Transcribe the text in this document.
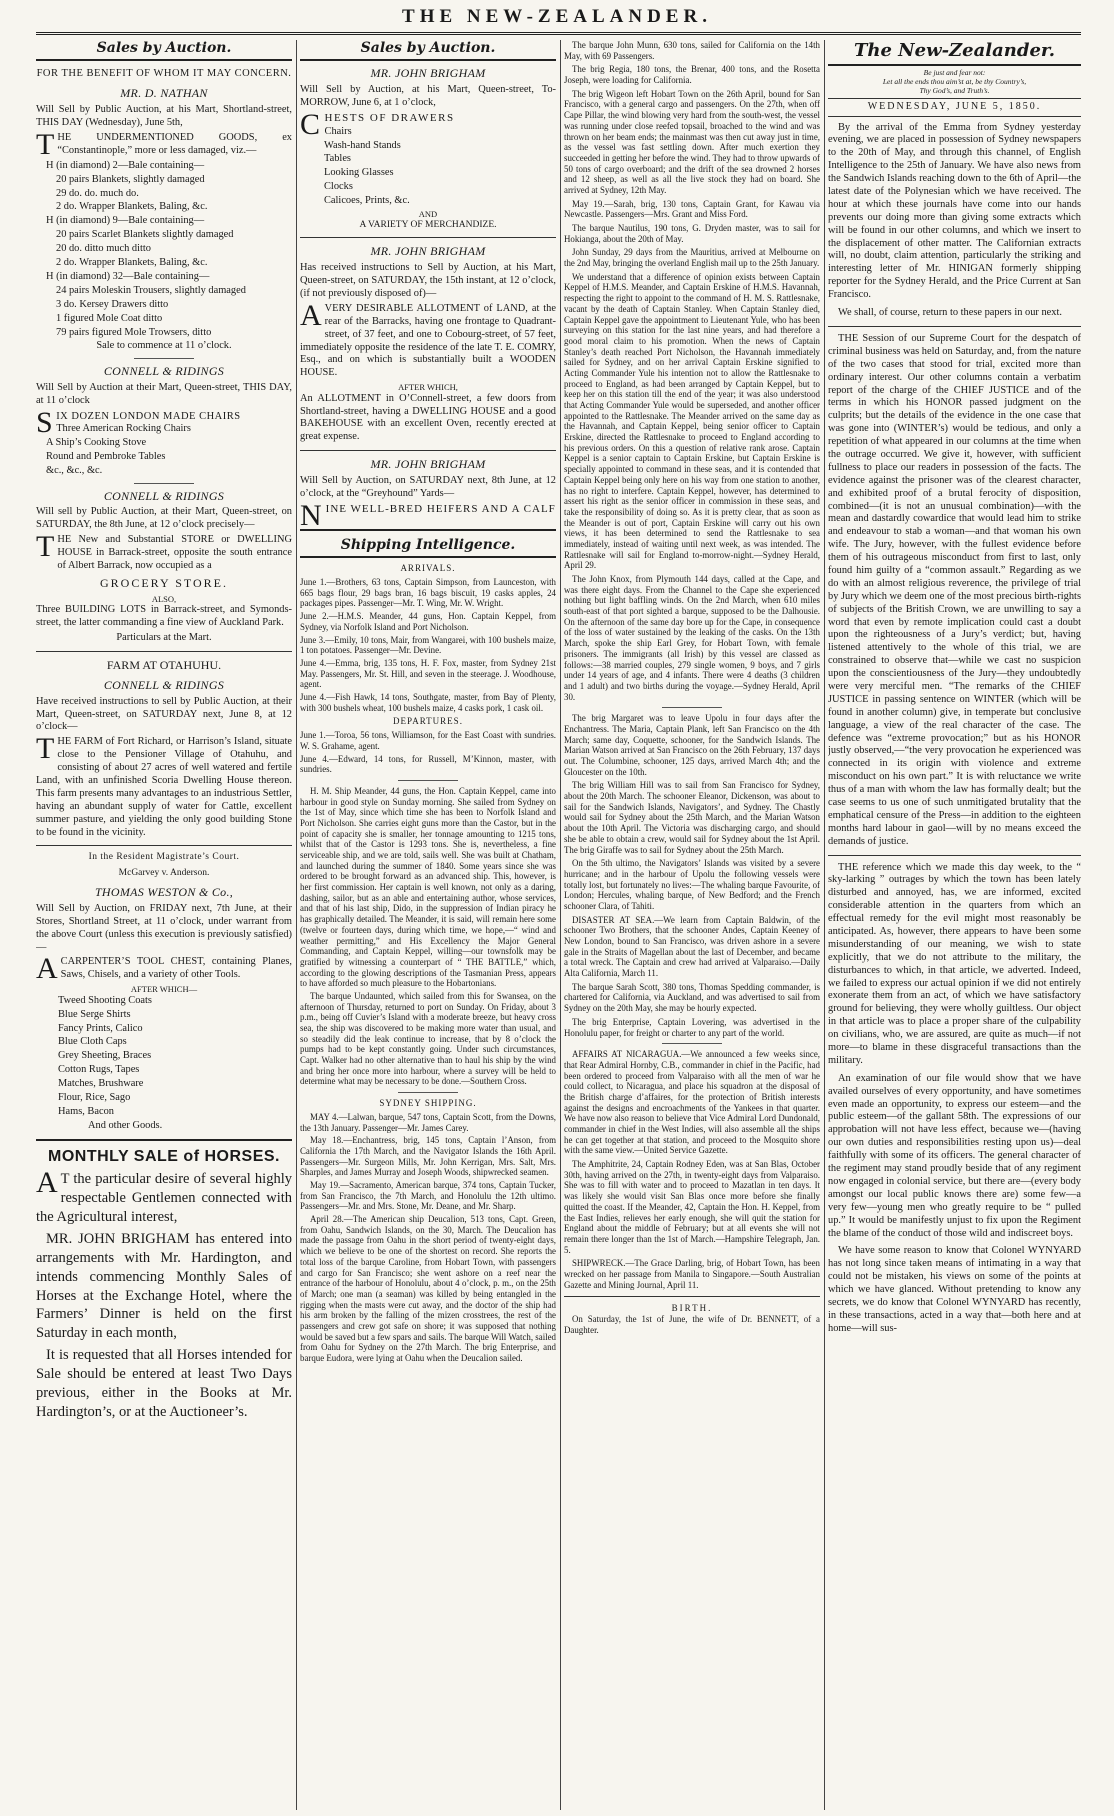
THE NEW-ZEALANDER.
Sales by Auction.
FOR THE BENEFIT OF WHOM IT MAY CONCERN.
MR. D. NATHAN

Will Sell by Public Auction, at his Mart, Shortland-street, THIS DAY (Wednesday), June 5th,

THE UNDERMENTIONED GOODS, ex “Constantinople,” more or less damaged, viz.—

H (in diamond) 2—Bale containing—
20 pairs Blankets, slightly damaged
29 do. do. much do.
2 do. Wrapper Blankets, Baling, &c.
H (in diamond) 9—Bale containing—
20 pairs Scarlet Blankets slightly damaged
20 do. ditto much ditto
2 do. Wrapper Blankets, Baling, &c.
H (in diamond) 32—Bale containing—
24 pairs Moleskin Trousers, slightly damaged
3 do. Kersey Drawers ditto
1 figured Mole Coat ditto
79 pairs figured Mole Trowsers, ditto
Sale to commence at 11 o’clock.
CONNELL & RIDINGS

Will Sell by Auction at their Mart, Queen-street, THIS DAY, at 11 o’clock

SIX DOZEN LONDON MADE CHAIRS
Three American Rocking Chairs
A Ship’s Cooking Stove
Round and Pembroke Tables
&c., &c., &c.
CONNELL & RIDINGS

Will sell by Public Auction, at their Mart, Queen-street, on SATURDAY, the 8th June, at 12 o’clock precisely—

THE New and Substantial STORE or DWELLING HOUSE in Barrack-street, opposite the south entrance of Albert Barrack, now occupied as a

GROCERY STORE.
ALSO,

Three BUILDING LOTS in Barrack-street, and Symonds-street, the latter commanding a fine view of Auckland Park.

Particulars at the Mart.
FARM AT OTAHUHU.
CONNELL & RIDINGS

Have received instructions to sell by Public Auction, at their Mart, Queen-street, on SATURDAY next, June 8, at 12 o’clock—

THE FARM of Fort Richard, or Harrison’s Island, situate close to the Pensioner Village of Otahuhu, and consisting of about 27 acres of well watered and fertile Land, with an unfinished Scoria Dwelling House thereon. This farm presents many advantages to an industrious Settler, having an abundant supply of water for Cattle, excellent summer pasture, and yielding the only good building Stone to be found in the vicinity.

In the Resident Magistrate’s Court.
McGarvey v. Anderson.
THOMAS WESTON & Co.,

Will Sell by Auction, on FRIDAY next, 7th June, at their Stores, Shortland Street, at 11 o’clock, under warrant from the above Court (unless this execution is previously satisfied)—

ACARPENTER’S TOOL CHEST, containing Planes, Saws, Chisels, and a variety of other Tools.

AFTER WHICH—
Tweed Shooting Coats
Blue Serge Shirts
Fancy Prints, Calico
Blue Cloth Caps
Grey Sheeting, Braces
Cotton Rugs, Tapes
Matches, Brushware
Flour, Rice, Sago
Hams, Bacon
And other Goods.
MONTHLY SALE of HORSES.

AT the particular desire of several highly respectable Gentlemen connected with the Agricultural interest,

MR. JOHN BRIGHAM has entered into arrangements with Mr. Hardington, and intends commencing Monthly Sales of Horses at the Exchange Hotel, where the Farmers’ Dinner is held on the first Saturday in each month,

It is requested that all Horses intended for Sale should be entered at least Two Days previous, either in the Books at Mr. Hardington’s, or at the Auctioneer’s.

Sales by Auction.
MR. JOHN BRIGHAM

Will Sell by Auction, at his Mart, Queen-street, To-MORROW, June 6, at 1 o’clock,

CHESTS OF DRAWERS
Chairs
Wash-hand Stands
Tables
Looking Glasses
Clocks
Calicoes, Prints, &c.
AND
A VARIETY OF MERCHANDIZE.
MR. JOHN BRIGHAM

Has received instructions to Sell by Auction, at his Mart, Queen-street, on SATURDAY, the 15th instant, at 12 o’clock, (if not previously disposed of)—

AVERY DESIRABLE ALLOTMENT of LAND, at the rear of the Barracks, having one frontage to Quadrant-street, of 37 feet, and one to Cobourg-street, of 57 feet, immediately opposite the residence of the late T. E. COMRY, Esq., and on which is substantially built a WOODEN HOUSE.

AFTER WHICH,

An ALLOTMENT in O’Connell-street, a few doors from Shortland-street, having a DWELLING HOUSE and a good BAKEHOUSE with an excellent Oven, recently erected at great expense.

MR. JOHN BRIGHAM

Will Sell by Auction, on SATURDAY next, 8th June, at 12 o’clock, at the “Greyhound” Yards—

NINE WELL-BRED HEIFERS AND A CALF
Shipping Intelligence.
ARRIVALS.

June 1.—Brothers, 63 tons, Captain Simpson, from Launceston, with 665 bags flour, 29 bags bran, 16 bags biscuit, 19 casks apples, 24 packages pipes. Passenger—Mr. T. Wing, Mr. W. Wright.

June 2.—H.M.S. Meander, 44 guns, Hon. Captain Keppel, from Sydney, via Norfolk Island and Port Nicholson.

June 3.—Emily, 10 tons, Mair, from Wangarei, with 100 bushels maize, 1 ton potatoes. Passenger—Mr. Devine.

June 4.—Emma, brig, 135 tons, H. F. Fox, master, from Sydney 21st May. Passengers, Mr. St. Hill, and seven in the steerage. J. Woodhouse, agent.

June 4.—Fish Hawk, 14 tons, Southgate, master, from Bay of Plenty, with 300 bushels wheat, 100 bushels maize, 4 casks pork, 1 cask oil.

DEPARTURES.

June 1.—Toroa, 56 tons, Williamson, for the East Coast with sundries. W. S. Grahame, agent.

June 4.—Edward, 14 tons, for Russell, M’Kinnon, master, with sundries.

H. M. Ship Meander, 44 guns, the Hon. Captain Keppel, came into harbour in good style on Sunday morning. She sailed from Sydney on the 1st of May, since which time she has been to Norfolk Island and Port Nicholson. She carries eight guns more than the Castor, but in the point of capacity she is smaller, her tonnage amounting to 1215 tons, whilst that of the Castor is 1293 tons. She is, nevertheless, a fine serviceable ship, and we are told, sails well. She was built at Chatham, and launched during the summer of 1840. Some years since she was ordered to be brought forward as an advanced ship. This, however, is her first commission. Her captain is well known, not only as a daring, dashing, sailor, but as an able and entertaining author, whose services, and that of his last ship, Dido, in the suppression of Indian piracy he has graphically detailed. The Meander, it is said, will remain here some (twelve or fourteen days, during which time, we hope,—“ wind and weather permitting,” and His Excellency the Major General Commanding, and Captain Keppel, willing—our townsfolk may be gratified by witnessing a counterpart of “ THE BATTLE,” which, according to the glowing descriptions of the Tasmanian Press, appears to have afforded so much pleasure to the Hobartonians.

The barque Undaunted, which sailed from this for Swansea, on the afternoon of Thursday, returned to port on Sunday. On Friday, about 3 p.m., being off Cuvier’s Island with a moderate breeze, but heavy cross sea, the ship was discovered to be making more water than usual, and so steadily did the leak continue to increase, that by 8 o’clock the pumps had to be kept constantly going. Under such circumstances, Capt. Walker had no other alternative than to haul his ship by the wind and bring her once more into harbour, where a survey will be held to determine what may be necessary to be done.—Southern Cross.

SYDNEY SHIPPING.

MAY 4.—Lalwan, barque, 547 tons, Captain Scott, from the Downs, the 13th January. Passenger—Mr. James Carey.

May 18.—Enchantress, brig, 145 tons, Captain l’Anson, from California the 17th March, and the Navigator Islands the 16th April. Passengers—Mr. Surgeon Mills, Mr. John Kerrigan, Mrs. Salt, Mrs. Sharples, and James Murray and Joseph Woods, shipwrecked seamen.

May 19.—Sacramento, American barque, 374 tons, Captain Tucker, from San Francisco, the 7th March, and Honolulu the 12th ultimo. Passengers—Mr. and Mrs. Stone, Mr. Deane, and Mr. Sharp.

April 28.—The American ship Deucalion, 513 tons, Capt. Green, from Oahu, Sandwich Islands, on the 30, March. The Deucalion has made the passage from Oahu in the short period of twenty-eight days, which we believe to be one of the shortest on record. She reports the total loss of the barque Caroline, from Hobart Town, with passengers and cargo for San Francisco; she went ashore on a reef near the entrance of the harbour of Honolulu, about 4 o’clock, p. m., on the 25th of March; one man (a seaman) was killed by being entangled in the rigging when the masts were cut away, and the doctor of the ship had his arm broken by the falling of the mizen crosstrees, the rest of the passengers and crew got safe on shore; it was supposed that nothing would be saved but a few spars and sails. The barque Will Watch, sailed from Oahu for Sydney on the 27th March. The brig Enterprise, and barque Eudora, were lying at Oahu when the Deucalion sailed.

The barque John Munn, 630 tons, sailed for California on the 14th May, with 69 Passengers.

The brig Regia, 180 tons, the Brenar, 400 tons, and the Rosetta Joseph, were loading for California.

The brig Wigeon left Hobart Town on the 26th April, bound for San Francisco, with a general cargo and passengers. On the 27th, when off Cape Pillar, the wind blowing very hard from the south-west, the vessel was running under close reefed topsail, broached to the wind and was thrown on her beam ends; the mainmast was then cut away just in time, as the vessel was fast settling down. After much exertion they succeeded in getting her before the wind. They had to throw upwards of 50 tons of cargo overboard; and the drift of the sea drowned 2 horses and 12 sheep, as well as all the live stock they had on board. She arrived at Sydney, 12th May.

May 19.—Sarah, brig, 130 tons, Captain Grant, for Kawau via Newcastle. Passengers—Mrs. Grant and Miss Ford.

The barque Nautilus, 190 tons, G. Dryden master, was to sail for Hokianga, about the 20th of May.

John Sunday, 29 days from the Mauritius, arrived at Melbourne on the 2nd May, bringing the overland English mail up to the 25th January.

We understand that a difference of opinion exists between Captain Keppel of H.M.S. Meander, and Captain Erskine of H.M.S. Havannah, respecting the right to appoint to the command of H. M. S. Rattlesnake, vacant by the death of Captain Stanley. When Captain Stanley died, Captain Keppel gave the appointment to Lieutenant Yule, who has been surveying on this station for the last nine years, and had therefore a good moral claim to his promotion. When the news of Captain Stanley’s death reached Port Nicholson, the Havannah immediately sailed for Sydney, and on her arrival Captain Erskine signified to Acting Commander Yule his intention not to allow the Rattlesnake to proceed to England, as had been arranged by Captain Keppel, but to keep her on this station till the end of the year; it was also understood that Acting Commander Yule would be superseded, and another officer appointed to the Rattlesnake. The Meander arrived on the same day as the Havannah, and Captain Keppel, being senior officer to Captain Erskine, directed the Rattlesnake to proceed to England according to his previous orders. On this a question of relative rank arose. Captain Keppel is a senior captain to Captain Erskine, but Captain Erskine is specially appointed to command in these seas, and it is contended that Captain Keppel being only here on his way from one station to another, has no right to interfere. Captain Keppel, however, has determined to assert his right as the senior officer in commission in these seas, and take the responsibility of doing so. As it is pretty clear, that as soon as the Meander is out of port, Captain Erskine will carry out his own views, it has been determined to send the Rattlesnake to sea immediately, instead of waiting until next week, as was intended. The Rattlesnake will sail for England to-morrow-night.—Sydney Herald, April 29.

The John Knox, from Plymouth 144 days, called at the Cape, and was there eight days. From the Channel to the Cape she experienced nothing but light baffling winds. On the 2nd March, when 610 miles south-east of that port sighted a barque, supposed to be the Dalhousie. On the afternoon of the same day bore up for the Cape, in consequence of the loss of water sustained by the leaking of the casks. On the 13th March, spoke the ship Earl Grey, for Hobart Town, with female prisoners. The immigrants (all Irish) by this vessel are classed as follows:—38 married couples, 279 single women, 9 boys, and 7 girls under 14 years of age, and 4 infants. There were 4 deaths (3 children and 1 adult) and two births during the voyage.—Sydney Herald, April 30.

The brig Margaret was to leave Upolu in four days after the Enchantress. The Maria, Captain Plank, left San Francisco on the 4th March; same day, Coquette, schooner, for the Sandwich Islands. The Marian Watson arrived at San Francisco on the 26th February, 137 days out. The Columbine, schooner, 125 days, arrived March 4th; and the Gloucester on the 10th.

The brig William Hill was to sail from San Francisco for Sydney, about the 20th March. The schooner Eleanor, Dickenson, was about to sail for the Sandwich Islands, Navigators’, and Sydney. The Chastly would sail for Sydney about the 25th March, and the Marian Watson about the 10th April. The Victoria was discharging cargo, and should she be able to obtain a crew, would sail for Sydney about the 1st April. The brig Giraffe was to sail for Sydney about the 25th March.

On the 5th ultimo, the Navigators’ Islands was visited by a severe hurricane; and in the harbour of Upolu the following vessels were totally lost, but fortunately no lives:—The whaling barque Favourite, of London; Hercules, whaling barque, of New Bedford; and the French schooner Clara, of Tahiti.

DISASTER AT SEA.—We learn from Captain Baldwin, of the schooner Two Brothers, that the schooner Andes, Captain Keeney of New London, bound to San Francisco, was driven ashore in a severe gale in the Straits of Magellan about the last of December, and became a total wreck. The Captain and crew had arrived at Valparaiso.—Daily Alta California, March 11.

The barque Sarah Scott, 380 tons, Thomas Spedding commander, is chartered for California, via Auckland, and was advertised to sail from Sydney on the 20th May, she may be hourly expected.

The brig Enterprise, Captain Lovering, was advertised in the Honolulu paper, for freight or charter to any part of the world.

AFFAIRS AT NICARAGUA.—We announced a few weeks since, that Rear Admiral Hornby, C.B., commander in chief in the Pacific, had been ordered to proceed from Valparaiso with all the men of war he could collect, to Nicaragua, and place his squadron at the disposal of the British charge d’affaires, for the protection of British interests against the designs and encroachments of the Yankees in that quarter. We have now also reason to believe that Vice Admiral Lord Dundonald, commander in chief in the West Indies, will also assemble all the ships he can get together at that station, and proceed to the Mosquito shore with the same view.—United Service Gazette.

The Amphitrite, 24, Captain Rodney Eden, was at San Blas, October 30th, having arrived on the 27th, in twenty-eight days from Valparaiso. She was to fill with water and to proceed to Mazatlan in ten days. It was likely she would visit San Blas once more before she finally quitted the coast. If the Meander, 42, Captain the Hon. H. Keppel, from the East Indies, relieves her early enough, she will quit the station for England about the middle of February; but at all events she will not remain there longer than the 1st of March.—Hampshire Telegraph, Jan. 5.

SHIPWRECK.—The Grace Darling, brig, of Hobart Town, has been wrecked on her passage from Manila to Singapore.—South Australian Gazette and Mining Journal, April 11.

BIRTH.

On Saturday, the 1st of June, the wife of Dr. BENNETT, of a Daughter.

The New-Zealander.
Be just and fear not:
Let all the ends thou aim’st at, be thy Country’s,
Thy God’s, and Truth’s.
WEDNESDAY, JUNE 5, 1850.

By the arrival of the Emma from Sydney yesterday evening, we are placed in possession of Sydney newspapers to the 20th of May, and through this channel, of English Intelligence to the 25th of January. We have also news from the Sandwich Islands reaching down to the 6th of April—the latest date of the Polynesian which we have received. The hour at which these journals have come into our hands prevents our doing more than giving some extracts which will be found in our other columns, and which we insert to the displacement of other matter. The Californian extracts will, no doubt, claim attention, particularly the striking and interesting letter of Mr. HINIGAN formerly shipping reporter for the Sydney Herald, and the Price Current at San Francisco.

We shall, of course, return to these papers in our next.

THE Session of our Supreme Court for the despatch of criminal business was held on Saturday, and, from the nature of the two cases that stood for trial, excited more than ordinary interest. Our other columns contain a verbatim report of the charge of the CHIEF JUSTICE and of the terms in which his HONOR passed judgment on the culprits; but the details of the evidence in the one case that was gone into (WINTER’s) would be tedious, and only a repetition of what appeared in our columns at the time when the outrage occurred. We give it, however, with sufficient fullness to place our readers in possession of the facts. The evidence against the prisoner was of the clearest character, and exhibited proof of a brutal ferocity of disposition, combined—(it is not an unusual combination)—with the mean and dastardly cowardice that would lead him to strike and endeavour to stab a woman—and that woman his own wife. The Jury, however, with the fullest evidence before them of his outrageous misconduct from first to last, only found him guilty of a “common assault.” Regarding as we do with an almost religious reverence, the privilege of trial by Jury which we deem one of the most precious birth-rights of subjects of the British Crown, we are unwilling to say a word that even by remote implication could cast a doubt upon the righteousness of a Jury’s verdict; but, having listened attentively to the whole of this trial, we are constrained to observe that—while we cast no suspicion upon the conscientiousness of the Jury—they undoubtedly were very merciful men. “The remarks of the CHIEF JUSTICE in passing sentence on WINTER (which will be found in another column) give, in temperate but conclusive language, a view of the real character of the case. The defence was “extreme provocation;” but as his HONOR justly observed,—“the very provocation he experienced was connected in its origin with violence and extreme misconduct on his own part.” It is with reluctance we write thus of a man with whom the law has formally dealt; but the case seems to us one of such unmitigated brutality that the emphatical censure of the Press—in addition to the eighteen months hard labour in gaol—will by no means exceed the demands of justice.

THE reference which we made this day week, to the “ sky-larking ” outrages by which the town has been lately disturbed and annoyed, has, we are informed, excited considerable attention in the quarters from which an effectual remedy for the evil might most reasonably be anticipated. As, however, there appears to have been some misunderstanding of our meaning, we wish to state explicitly, that we do not attribute to the military, the disturbances to which, in that article, we adverted. Indeed, we failed to express our actual opinion if we did not entirely exonerate them from an act, of which we have satisfactory ground for believing, they were wholly guiltless. Our object in that article was to place a proper share of the culpability on civilians, who, we are assured, are quite as much—if not more—to blame in these disgraceful transactions than the military.

An examination of our file would show that we have availed ourselves of every opportunity, and have sometimes even made an opportunity, to express our esteem—and the public esteem—of the gallant 58th. The expressions of our approbation will not have less effect, because we—(having our own duties and responsibilities resting upon us)—deal faithfully with some of its officers. The general character of the regiment may stand proudly beside that of any regiment now engaged in colonial service, but there are—(every body amongst our local public knows there are) some few—a very few—young men who greatly require to be “ pulled up.” It would be manifestly unjust to fix upon the Regiment the blame of the conduct of those wild and indiscreet boys.

We have some reason to know that Colonel WYNYARD has not long since taken means of intimating in a way that could not be mistaken, his views on some of the points at which we have glanced. Without pretending to know any secrets, we do know that Colonel WYNYARD has recently, in these transactions, acted in a way that—both here and at home—will sus-
